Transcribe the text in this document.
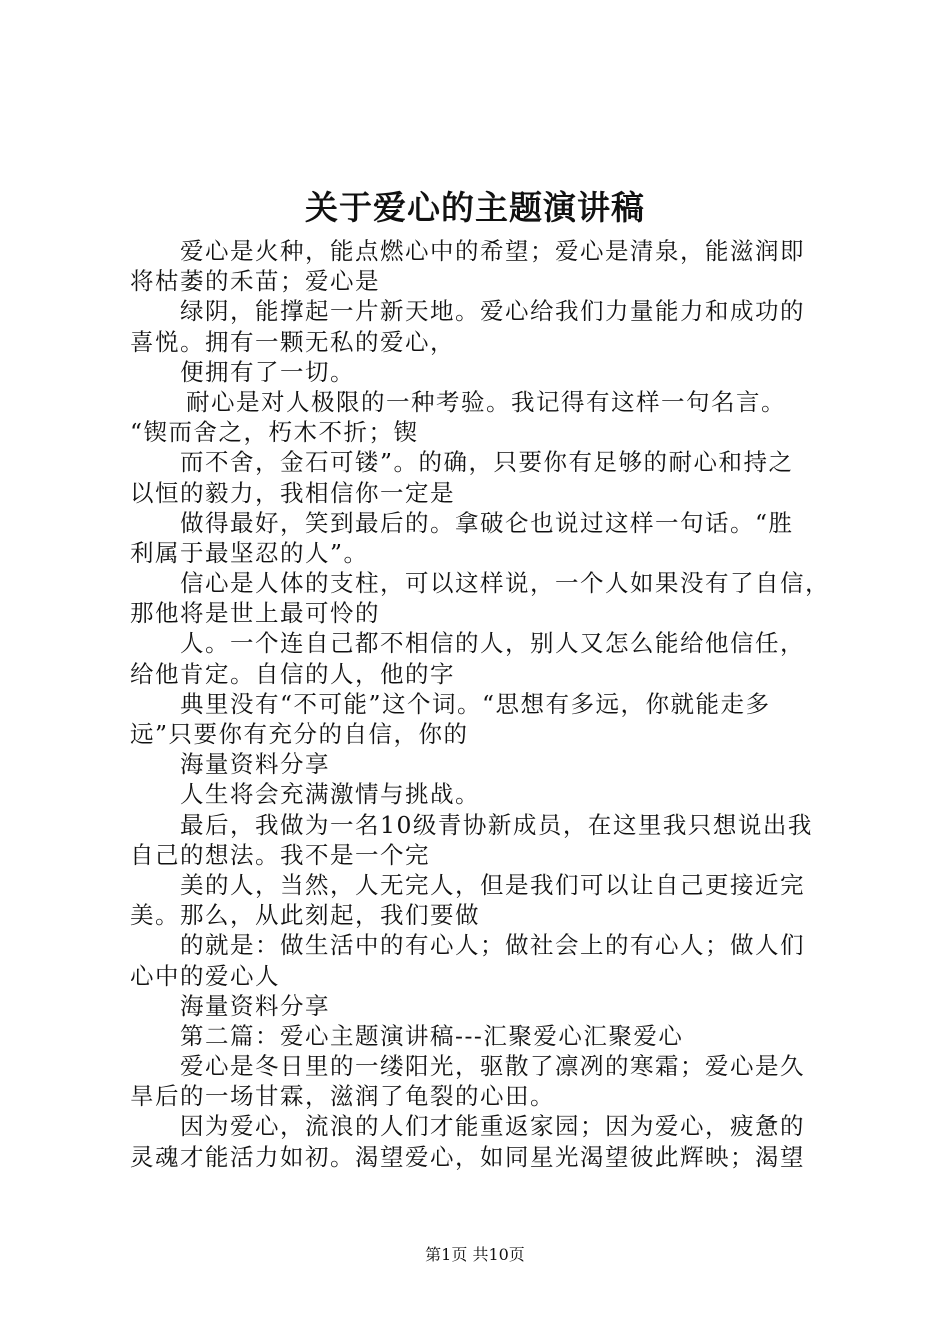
关于爱心的主题演讲稿
爱心是火种，能点燃心中的希望；爱心是清泉，能滋润即
将枯萎的禾苗；爱心是
绿阴，能撑起一片新天地。爱心给我们力量能力和成功的
喜悦。拥有一颗无私的爱心，
便拥有了一切。
耐心是对人极限的一种考验。我记得有这样一句名言。
“锲而舍之，朽木不折；锲
而不舍，金石可镂”。的确，只要你有足够的耐心和持之
以恒的毅力，我相信你一定是
做得最好，笑到最后的。拿破仑也说过这样一句话。“胜
利属于最坚忍的人”。
信心是人体的支柱，可以这样说，一个人如果没有了自信，
那他将是世上最可怜的
人。一个连自己都不相信的人，别人又怎么能给他信任，
给他肯定。自信的人，他的字
典里没有“不可能”这个词。“思想有多远，你就能走多
远”只要你有充分的自信，你的
海量资料分享
人生将会充满激情与挑战。
最后，我做为一名10级青协新成员，在这里我只想说出我
自己的想法。我不是一个完
美的人，当然，人无完人，但是我们可以让自己更接近完
美。那么，从此刻起，我们要做
的就是：做生活中的有心人；做社会上的有心人；做人们
心中的爱心人
海量资料分享
第二篇：爱心主题演讲稿---汇聚爱心汇聚爱心
爱心是冬日里的一缕阳光，驱散了凛冽的寒霜；爱心是久
旱后的一场甘霖，滋润了龟裂的心田。
因为爱心，流浪的人们才能重返家园；因为爱心，疲惫的
灵魂才能活力如初。渴望爱心，如同星光渴望彼此辉映；渴望
第1页 共10页
